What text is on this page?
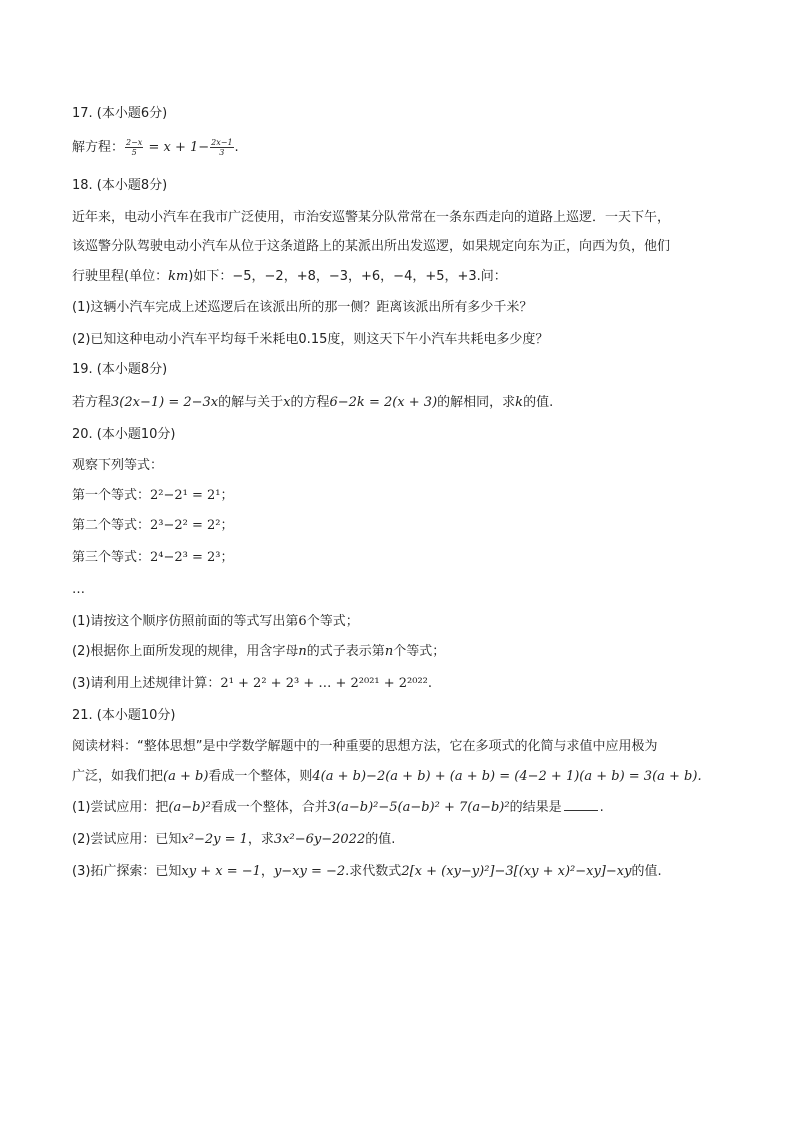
17. (本小题6分)
解方程： $\frac{2-x}{5} = x + 1- \frac{2x-1}{3}$ .
18. (本小题8分)
近年来，电动小汽车在我市广泛使用，市治安巡警某分队常常在一条东西走向的道路上巡逻．一天下午，
该巡警分队驾驶电动小汽车从位于这条道路上的某派出所出发巡逻，如果规定向东为正，向西为负，他们
行驶里程(单位：km)如下：−5，−2，+8，−3，+6，−4，+5，+3.问：
(1)这辆小汽车完成上述巡逻后在该派出所的那一侧？距离该派出所有多少千米？
(2)已知这种电动小汽车平均每千米耗电0.15度，则这天下午小汽车共耗电多少度？
19. (本小题8分)
若方程3(2x−1) = 2−3x的解与关于x的方程6−2k = 2(x + 3)的解相同，求k的值.
20. (本小题10分)
观察下列等式：
第一个等式：2²−2¹ = 2¹；
第二个等式：2³−2² = 2²；
第三个等式：2⁴−2³ = 2³；
…
(1)请按这个顺序仿照前面的等式写出第6个等式；
(2)根据你上面所发现的规律，用含字母n的式子表示第n个等式；
(3)请利用上述规律计算：2¹ + 2² + 2³ + … + 2²⁰²¹ + 2²⁰²².
21. (本小题10分)
阅读材料：“整体思想”是中学数学解题中的一种重要的思想方法，它在多项式的化简与求值中应用极为
广泛，如我们把(a + b)看成一个整体，则4(a + b)−2(a + b) + (a + b) = (4−2 + 1)(a + b) = 3(a + b).
(1)尝试应用：把(a−b)²看成一个整体，合并3(a−b)²−5(a−b)² + 7(a−b)²的结果是	.
(2)尝试应用：已知x²−2y = 1，求3x²−6y−2022的值.
(3)拓广探索：已知xy + x = −1，y−xy = −2.求代数式2[x + (xy−y)²]−3[(xy + x)²−xy]−xy的值.
